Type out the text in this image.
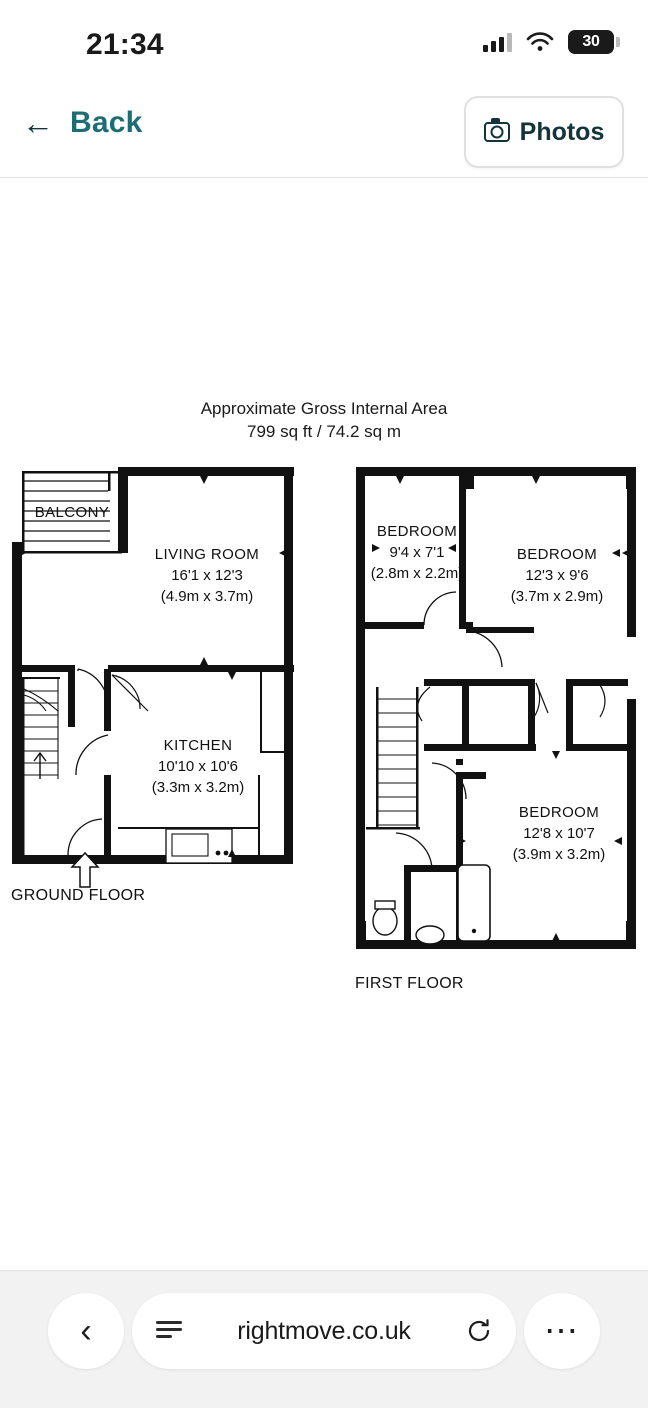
21:34	30
← Back	Photos
Approximate Gross Internal Area
799 sq ft / 74.2 sq m
BALCONY
LIVING ROOM
16'1 x 12'3
(4.9m x 3.7m)
KITCHEN
10'10 x 10'6
(3.3m x 3.2m)
BEDROOM
9'4 x 7'1
(2.8m x 2.2m)
BEDROOM
12'3 x 9'6
(3.7m x 2.9m)
BEDROOM
12'8 x 10'7
(3.9m x 3.2m)
GROUND FLOOR
FIRST FLOOR
‹	rightmove.co.uk	⋯
